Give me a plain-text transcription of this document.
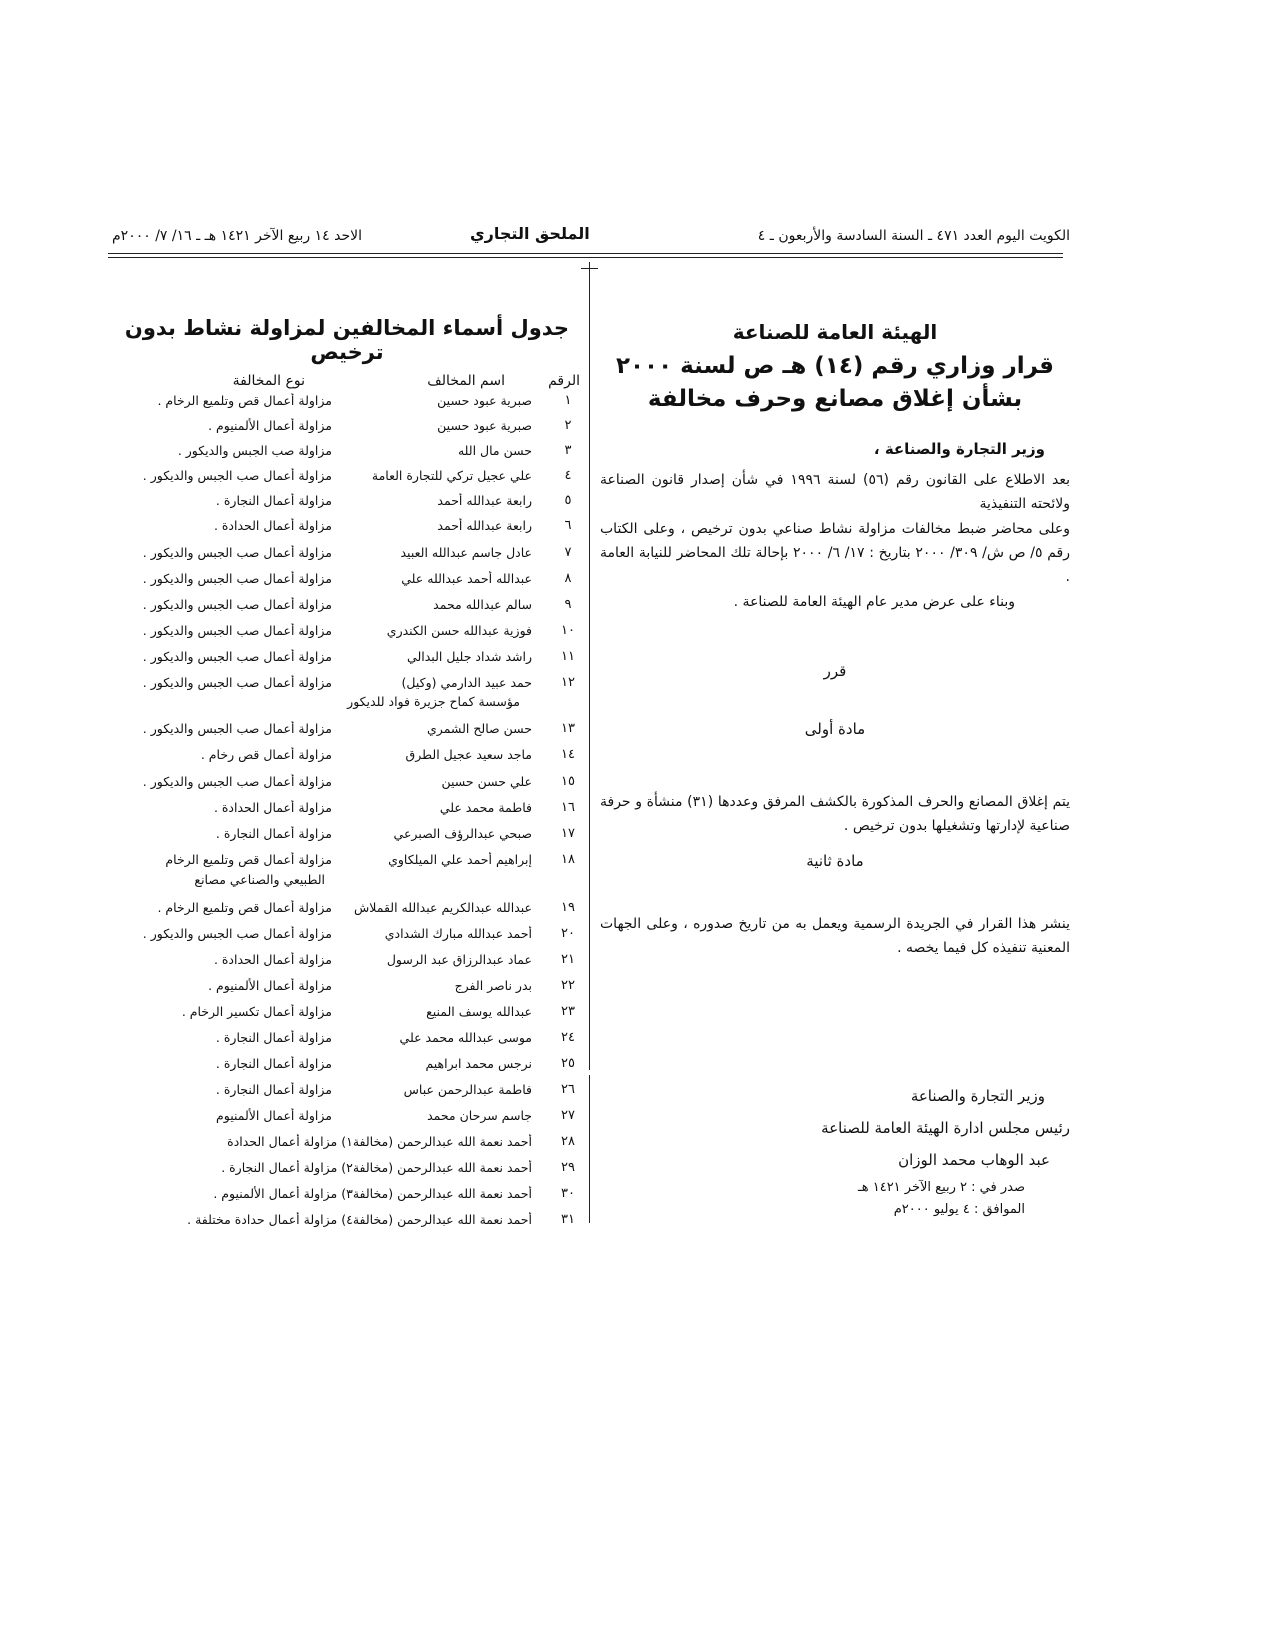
الكويت اليوم العدد ٤٧١ ـ السنة السادسة والأربعون ـ ٤
الملحق التجاري
الاحد ١٤ ربيع الآخر ١٤٢١ هـ ـ ١٦/ ٧/ ٢٠٠٠م
الهيئة العامة للصناعة
قرار وزاري رقم (١٤) هـ ص لسنة ٢٠٠٠
بشأن إغلاق مصانع وحرف مخالفة
وزير التجارة والصناعة ،
بعد الاطلاع على القانون رقم (٥٦) لسنة ١٩٩٦ في شأن إصدار قانون الصناعة ولائحته التنفيذية
وعلى محاضر ضبط مخالفات مزاولة نشاط صناعي بدون ترخيص ، وعلى الكتاب رقم ٥/ ص ش/ ٣٠٩/ ٢٠٠٠ بتاريخ : ١٧/ ٦/ ٢٠٠٠ بإحالة تلك المحاضر للنيابة العامة .
وبناء على عرض مدير عام الهيئة العامة للصناعة .
قرر
مادة أولى
يتم إغلاق المصانع والحرف المذكورة بالكشف المرفق وعددها (٣١) منشأة و حرفة صناعية لإدارتها وتشغيلها بدون ترخيص .
مادة ثانية
ينشر هذا القرار في الجريدة الرسمية ويعمل به من تاريخ صدوره ، وعلى الجهات المعنية تنفيذه كل فيما يخصه .
وزير التجارة والصناعة
رئيس مجلس ادارة الهيئة العامة للصناعة
عبد الوهاب محمد الوزان
صدر في : ٢ ربيع الآخر ١٤٢١ هـ
الموافق : ٤ يوليو ٢٠٠٠م
جدول أسماء المخالفين لمزاولة نشاط بدون ترخيص
الرقم
اسم المخالف
نوع المخالفة
١
صبرية عبود حسين
مزاولة أعمال قص وتلميع الرخام .
٢
صبرية عبود حسين
مزاولة أعمال الألمنيوم .
٣
حسن مال الله
مزاولة صب الجبس والديكور .
٤
علي عجيل تركي للتجارة العامة
مزاولة أعمال صب الجبس والديكور .
٥
رابعة عبدالله أحمد
مزاولة أعمال النجارة .
٦
رابعة عبدالله أحمد
مزاولة أعمال الحدادة .
٧
عادل جاسم عبدالله العبيد
مزاولة أعمال صب الجبس والديكور .
٨
عبدالله أحمد عبدالله علي
مزاولة أعمال صب الجبس والديكور .
٩
سالم عبدالله محمد
مزاولة أعمال صب الجبس والديكور .
١٠
فوزية عبدالله حسن الكندري
مزاولة أعمال صب الجبس والديكور .
١١
راشد شداد جليل البدالي
مزاولة أعمال صب الجبس والديكور .
١٢
حمد عبيد الدارمي (وكيل)
مزاولة أعمال صب الجبس والديكور .
١٣
حسن صالح الشمري
مزاولة أعمال صب الجبس والديكور .
١٤
ماجد سعيد عجيل الطرق
مزاولة أعمال قص رخام .
١٥
علي حسن حسين
مزاولة أعمال صب الجبس والديكور .
١٦
فاطمة محمد علي
مزاولة أعمال الحدادة .
١٧
صبحي عبدالرؤف الصبرعي
مزاولة أعمال النجارة .
١٨
إبراهيم أحمد علي الميلكاوي
مزاولة أعمال قص وتلميع الرخام
١٩
عبدالله عبدالكريم عبدالله القملاش
مزاولة أعمال قص وتلميع الرخام .
٢٠
أحمد عبدالله مبارك الشدادي
مزاولة أعمال صب الجبس والديكور .
٢١
عماد عبدالرزاق عبد الرسول
مزاولة أعمال الحدادة .
٢٢
بدر ناصر الفرج
مزاولة أعمال الألمنيوم .
٢٣
عبدالله يوسف المنيع
مزاولة أعمال تكسير الرخام .
٢٤
موسى عبدالله محمد علي
مزاولة أعمال النجارة .
٢٥
نرجس محمد ابراهيم
مزاولة أعمال النجارة .
٢٦
فاطمة عبدالرحمن عباس
مزاولة أعمال النجارة .
٢٧
جاسم سرحان محمد
مزاولة أعمال الألمنيوم
٢٨
أحمد نعمة الله عبدالرحمن (مخالفة١) مزاولة أعمال الحدادة
٢٩
أحمد نعمة الله عبدالرحمن (مخالفة٢) مزاولة أعمال النجارة .
٣٠
أحمد نعمة الله عبدالرحمن (مخالفة٣) مزاولة أعمال الألمنيوم .
٣١
أحمد نعمة الله عبدالرحمن (مخالفة٤) مزاولة أعمال حدادة مختلفة .
مؤسسة كماح جزيرة فواد للديكور
الطبيعي والصناعي مصانع
